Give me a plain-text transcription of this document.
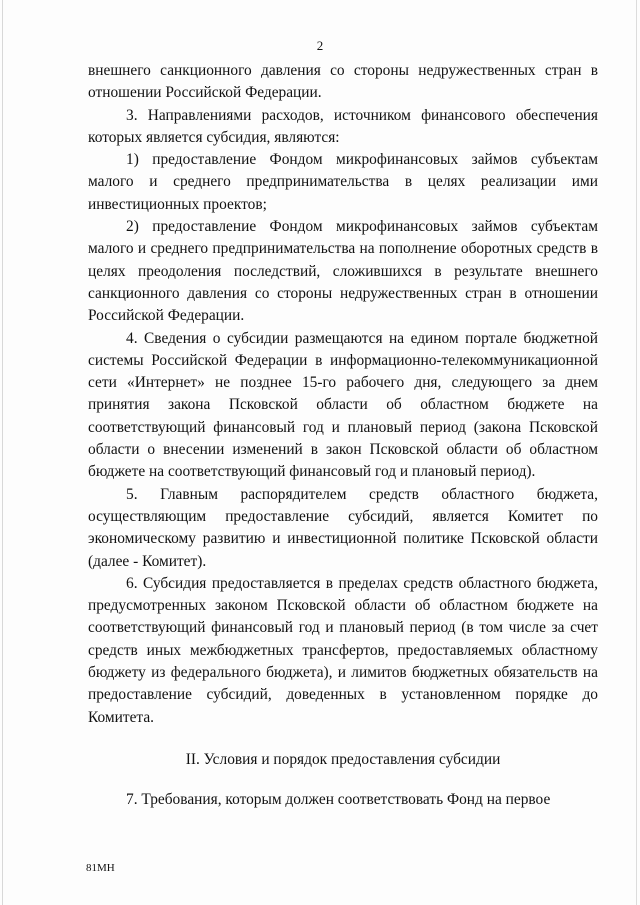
2

внешнего санкционного давления со стороны недружественных стран в отношении Российской Федерации.

3. Направлениями расходов, источником финансового обеспечения которых является субсидия, являются:

1) предоставление Фондом микрофинансовых займов субъектам малого и среднего предпринимательства в целях реализации ими инвестиционных проектов;

2) предоставление Фондом микрофинансовых займов субъектам малого и среднего предпринимательства на пополнение оборотных средств в целях преодоления последствий, сложившихся в результате внешнего санкционного давления со стороны недружественных стран в отношении Российской Федерации.

4. Сведения о субсидии размещаются на едином портале бюджетной системы Российской Федерации в информационно-телекоммуникационной сети «Интернет» не позднее 15-го рабочего дня, следующего за днем принятия закона Псковской области об областном бюджете на соответствующий финансовый год и плановый период (закона Псковской области о внесении изменений в закон Псковской области об областном бюджете на соответствующий финансовый год и плановый период).

5. Главным распорядителем средств областного бюджета, осуществляющим предоставление субсидий, является Комитет по экономическому развитию и инвестиционной политике Псковской области (далее - Комитет).

6. Субсидия предоставляется в пределах средств областного бюджета, предусмотренных законом Псковской области об областном бюджете на соответствующий финансовый год и плановый период (в том числе за счет средств иных межбюджетных трансфертов, предоставляемых областному бюджету из федерального бюджета), и лимитов бюджетных обязательств на предоставление субсидий, доведенных в установленном порядке до Комитета.

II. Условия и порядок предоставления субсидии

7. Требования, которым должен соответствовать Фонд на первое

81МН
